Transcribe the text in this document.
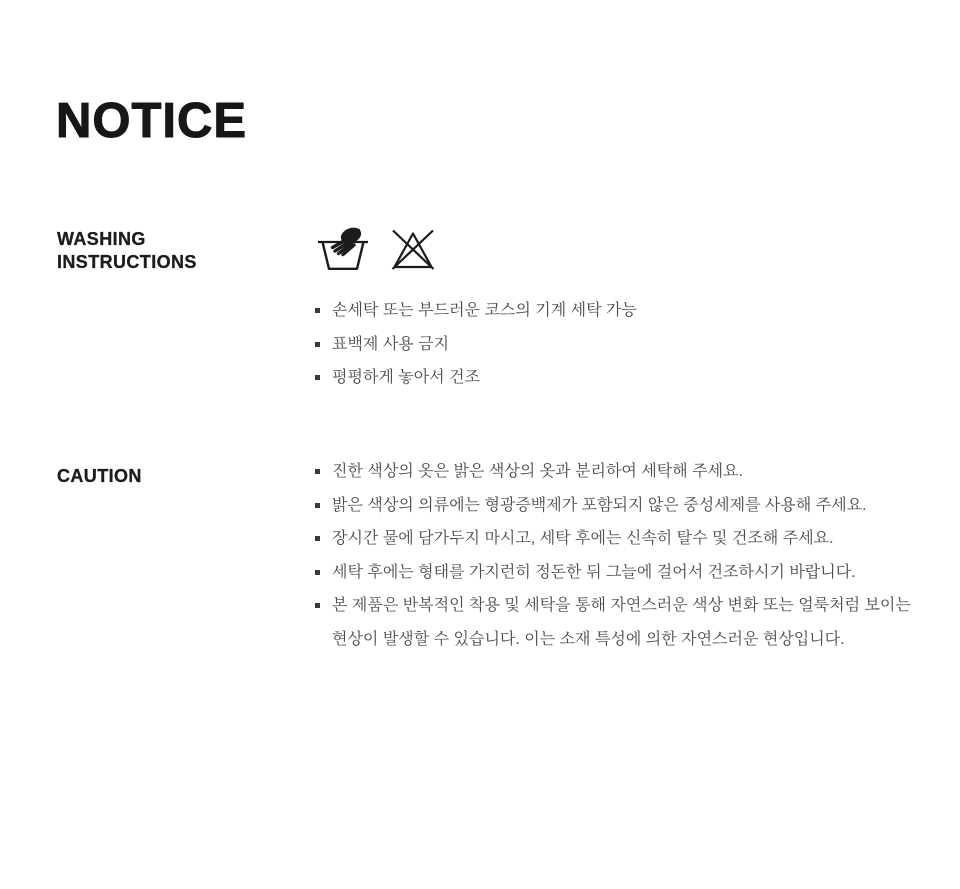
NOTICE
WASHING
INSTRUCTIONS
손세탁 또는 부드러운 코스의 기계 세탁 가능
표백제 사용 금지
평평하게 놓아서 건조
CAUTION	진한 색상의 옷은 밝은 색상의 옷과 분리하여 세탁해 주세요.
밝은 색상의 의류에는 형광증백제가 포함되지 않은 중성세제를 사용해 주세요.
장시간 물에 담가두지 마시고, 세탁 후에는 신속히 탈수 및 건조해 주세요.
세탁 후에는 형태를 가지런히 정돈한 뒤 그늘에 걸어서 건조하시기 바랍니다.
본 제품은 반복적인 착용 및 세탁을 통해 자연스러운 색상 변화 또는 얼룩처럼 보이는 현상이 발생할 수 있습니다. 이는 소재 특성에 의한 자연스러운 현상입니다.
